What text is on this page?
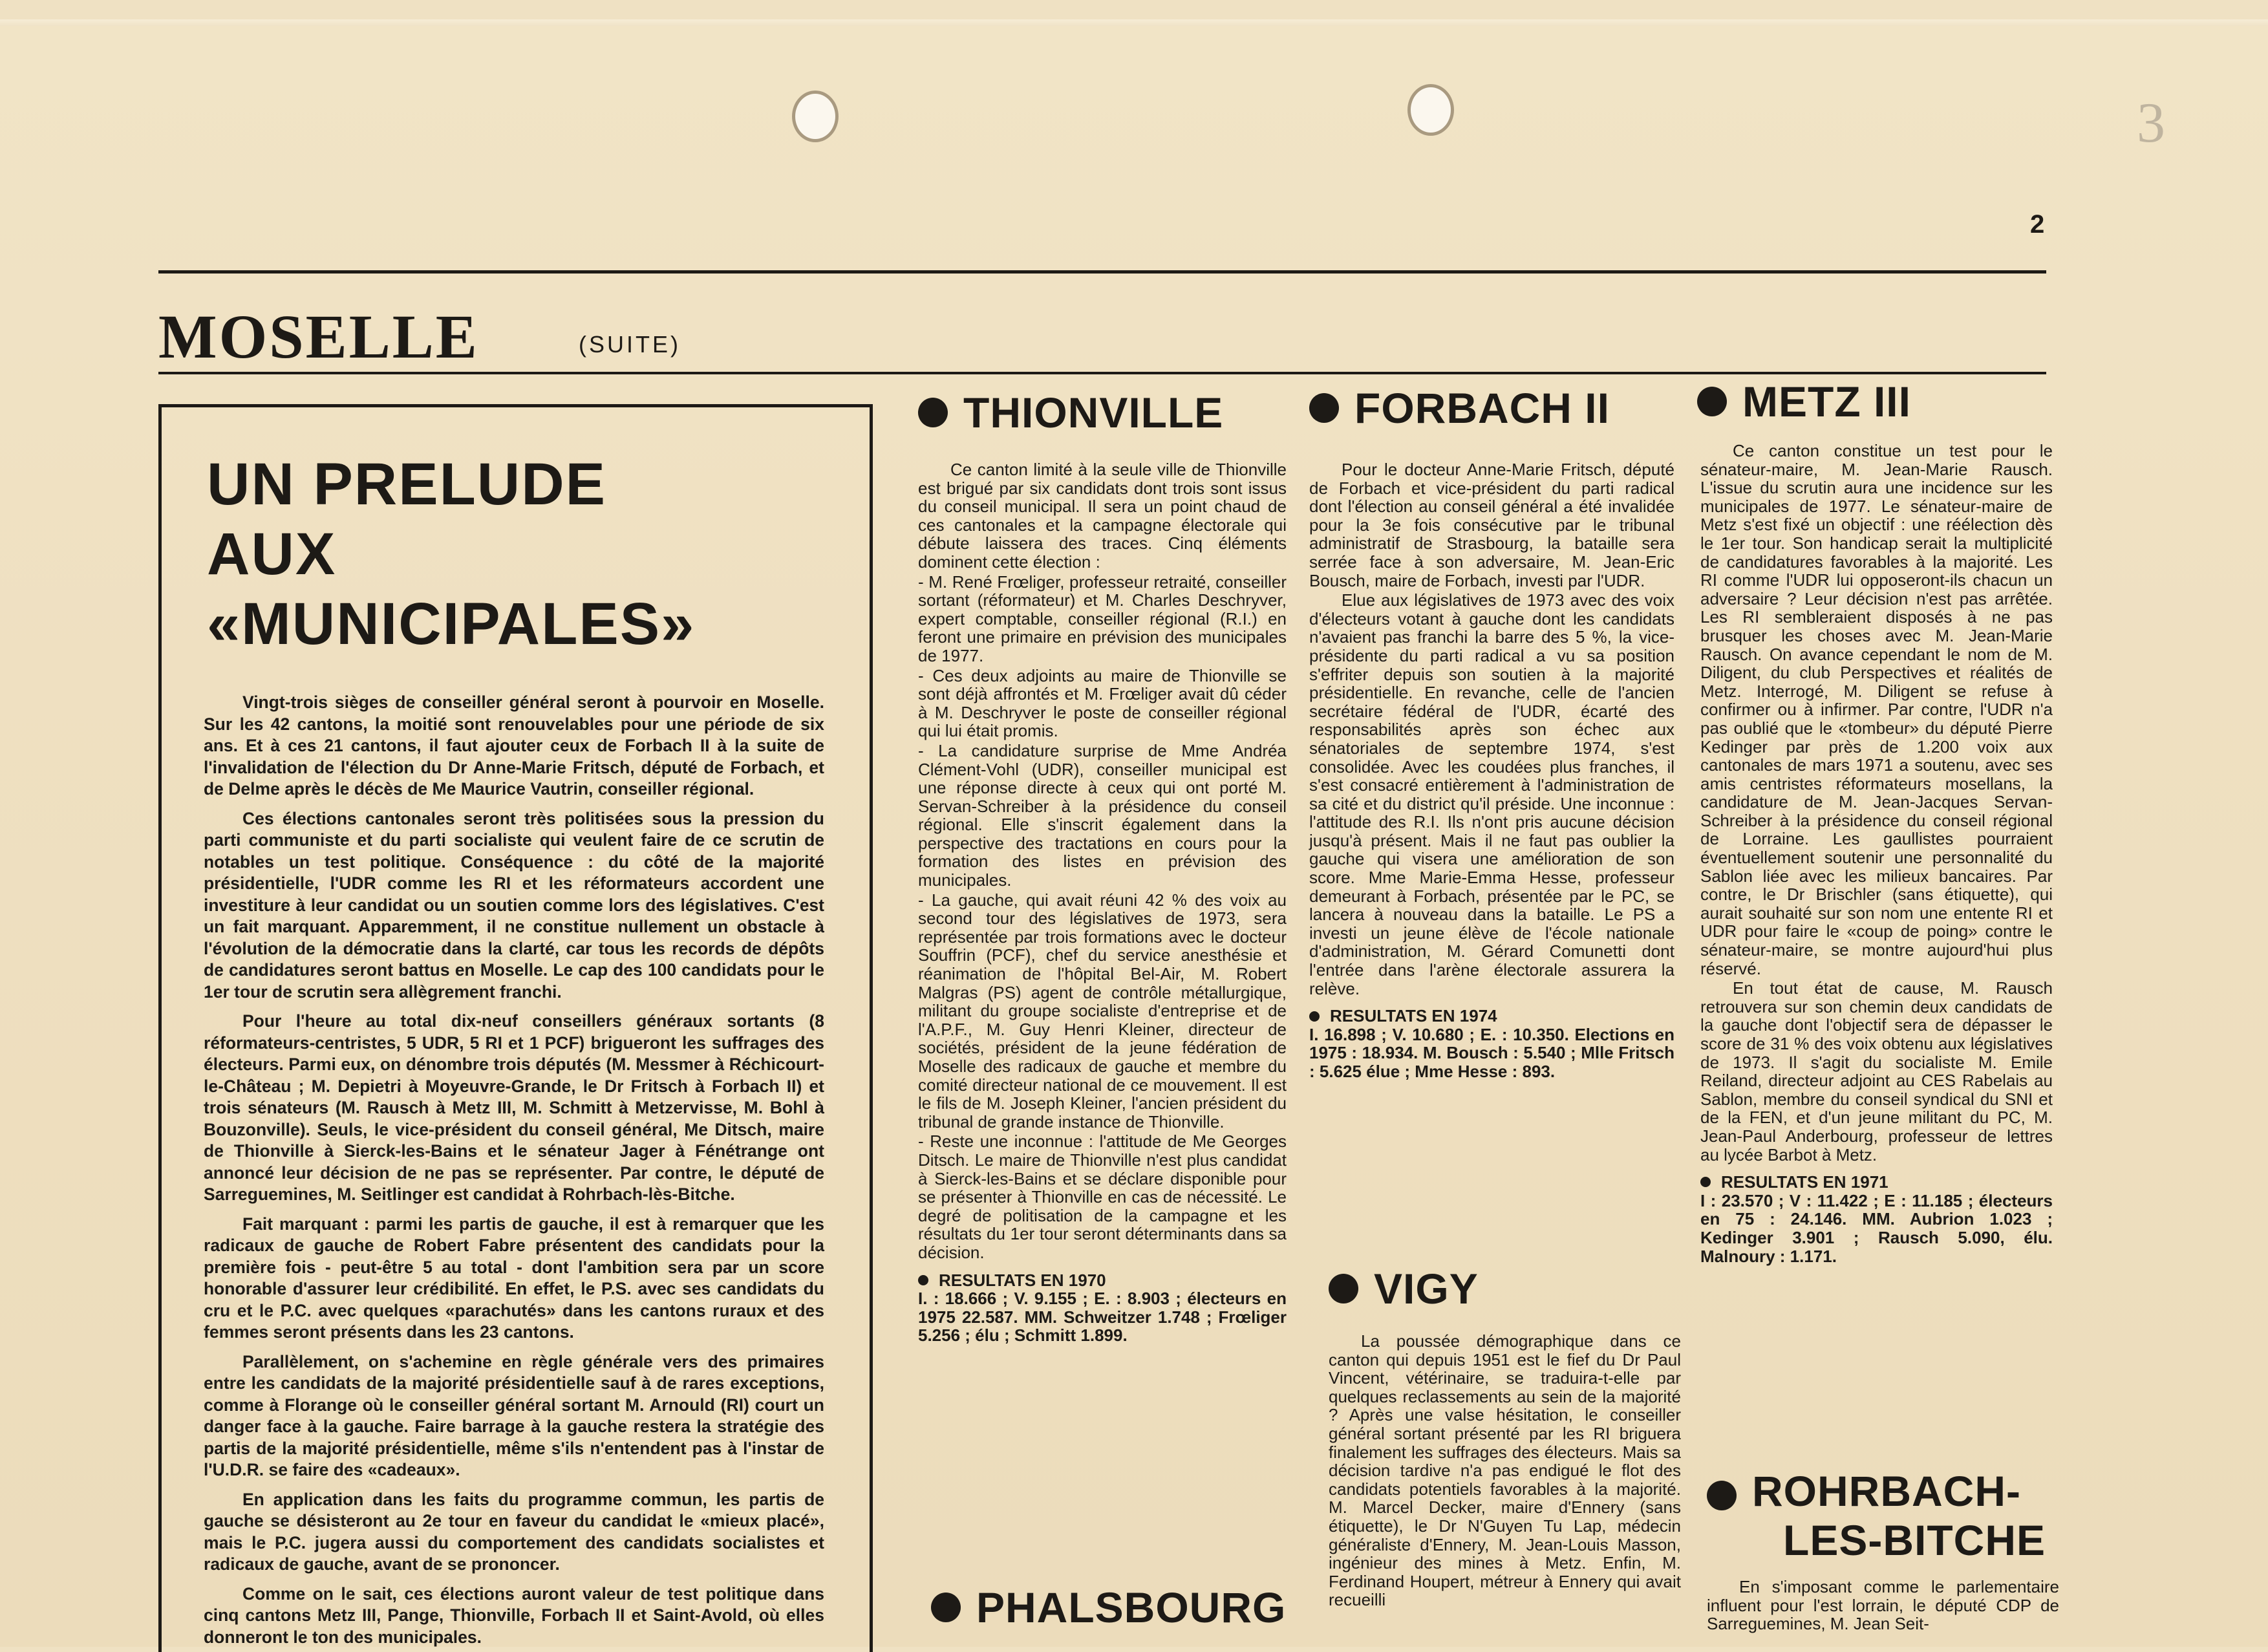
3
2
MOSELLE	(SUITE)
UN PRELUDE
AUX
«MUNICIPALES»

Vingt-trois sièges de conseiller général seront à pourvoir en Moselle. Sur les 42 cantons, la moitié sont renouvelables pour une période de six ans. Et à ces 21 cantons, il faut ajouter ceux de Forbach II à la suite de l'invalidation de l'élection du Dr Anne-Marie Fritsch, député de Forbach, et de Delme après le décès de Me Maurice Vautrin, conseiller régional.

Ces élections cantonales seront très politisées sous la pression du parti communiste et du parti socialiste qui veulent faire de ce scrutin de notables un test politique. Conséquence : du côté de la majorité présidentielle, l'UDR comme les RI et les réformateurs accordent une investiture à leur candidat ou un soutien comme lors des législatives. C'est un fait marquant. Apparemment, il ne constitue nullement un obstacle à l'évolution de la démocratie dans la clarté, car tous les records de dépôts de candidatures seront battus en Moselle. Le cap des 100 candidats pour le 1er tour de scrutin sera allègrement franchi.

Pour l'heure au total dix-neuf conseillers généraux sortants (8 réformateurs-centristes, 5 UDR, 5 RI et 1 PCF) brigueront les suffrages des électeurs. Parmi eux, on dénombre trois députés (M. Messmer à Réchicourt-le-Château ; M. Depietri à Moyeuvre-Grande, le Dr Fritsch à Forbach II) et trois sénateurs (M. Rausch à Metz III, M. Schmitt à Metzervisse, M. Bohl à Bouzonville). Seuls, le vice-président du conseil général, Me Ditsch, maire de Thionville à Sierck-les-Bains et le sénateur Jager à Fénétrange ont annoncé leur décision de ne pas se représenter. Par contre, le député de Sarreguemines, M. Seitlinger est candidat à Rohrbach-lès-Bitche.

Fait marquant : parmi les partis de gauche, il est à remarquer que les radicaux de gauche de Robert Fabre présentent des candidats pour la première fois - peut-être 5 au total - dont l'ambition sera par un score honorable d'assurer leur crédibilité. En effet, le P.S. avec ses candidats du cru et le P.C. avec quelques «parachutés» dans les cantons ruraux et des femmes seront présents dans les 23 cantons.

Parallèlement, on s'achemine en règle générale vers des primaires entre les candidats de la majorité présidentielle sauf à de rares exceptions, comme à Florange où le conseiller général sortant M. Arnould (RI) court un danger face à la gauche. Faire barrage à la gauche restera la stratégie des partis de la majorité présidentielle, même s'ils n'entendent pas à l'instar de l'U.D.R. se faire des «cadeaux».

En application dans les faits du programme commun, les partis de gauche se désisteront au 2e tour en faveur du candidat le «mieux placé», mais le P.C. jugera aussi du comportement des candidats socialistes et radicaux de gauche, avant de se prononcer.

Comme on le sait, ces élections auront valeur de test politique dans cinq cantons Metz III, Pange, Thionville, Forbach II et Saint-Avold, où elles donneront le ton des municipales.

THIONVILLE

Ce canton limité à la seule ville de Thionville est brigué par six candidats dont trois sont issus du conseil municipal. Il sera un point chaud de ces cantonales et la campagne électorale qui débute laissera des traces. Cinq éléments dominent cette élection :

- M. René Frœliger, professeur retraité, conseiller sortant (réformateur) et M. Charles Deschryver, expert comptable, conseiller régional (R.I.) en feront une primaire en prévision des municipales de 1977.

- Ces deux adjoints au maire de Thionville se sont déjà affrontés et M. Frœliger avait dû céder à M. Deschryver le poste de conseiller régional qui lui était promis.

- La candidature surprise de Mme Andréa Clément-Vohl (UDR), conseiller municipal est une réponse directe à ceux qui ont porté M. Servan-Schreiber à la présidence du conseil régional. Elle s'inscrit également dans la perspective des tractations en cours pour la formation des listes en prévision des municipales.

- La gauche, qui avait réuni 42 % des voix au second tour des législatives de 1973, sera représentée par trois formations avec le docteur Souffrin (PCF), chef du service anesthésie et réanimation de l'hôpital Bel-Air, M. Robert Malgras (PS) agent de contrôle métallurgique, militant du groupe socialiste d'entreprise et de l'A.P.F., M. Guy Henri Kleiner, directeur de sociétés, président de la jeune fédération de Moselle des radicaux de gauche et membre du comité directeur national de ce mouvement. Il est le fils de M. Joseph Kleiner, l'ancien président du tribunal de grande instance de Thionville.

- Reste une inconnue : l'attitude de Me Georges Ditsch. Le maire de Thionville n'est plus candidat à Sierck-les-Bains et se déclare disponible pour se présenter à Thionville en cas de nécessité. Le degré de politisation de la campagne et les résultats du 1er tour seront déterminants dans sa décision.

RESULTATS EN 1970
I. : 18.666 ; V. 9.155 ; E. : 8.903 ; électeurs en 1975 22.587. MM. Schweitzer 1.748 ; Frœliger 5.256 ; élu ; Schmitt 1.899.
PHALSBOURG
FORBACH II

Pour le docteur Anne-Marie Fritsch, député de Forbach et vice-président du parti radical dont l'élection au conseil général a été invalidée pour la 3e fois consécutive par le tribunal administratif de Strasbourg, la bataille sera serrée face à son adversaire, M. Jean-Eric Bousch, maire de Forbach, investi par l'UDR.

Elue aux législatives de 1973 avec des voix d'électeurs votant à gauche dont les candidats n'avaient pas franchi la barre des 5 %, la vice-présidente du parti radical a vu sa position s'effriter depuis son soutien à la majorité présidentielle. En revanche, celle de l'ancien secrétaire fédéral de l'UDR, écarté des responsabilités après son échec aux sénatoriales de septembre 1974, s'est consolidée. Avec les coudées plus franches, il s'est consacré entièrement à l'administration de sa cité et du district qu'il préside. Une inconnue : l'attitude des R.I. Ils n'ont pris aucune décision jusqu'à présent. Mais il ne faut pas oublier la gauche qui visera une amélioration de son score. Mme Marie-Emma Hesse, professeur demeurant à Forbach, présentée par le PC, se lancera à nouveau dans la bataille. Le PS a investi un jeune élève de l'école nationale d'administration, M. Gérard Comunetti dont l'entrée dans l'arène électorale assurera la relève.

RESULTATS EN 1974
I. 16.898 ; V. 10.680 ; E. : 10.350. Elections en 1975 : 18.934. M. Bousch : 5.540 ; Mlle Fritsch : 5.625 élue ; Mme Hesse : 893.
VIGY

La poussée démographique dans ce canton qui depuis 1951 est le fief du Dr Paul Vincent, vétérinaire, se traduira-t-elle par quelques reclassements au sein de la majorité ? Après une valse hésitation, le conseiller général sortant présenté par les RI briguera finalement les suffrages des électeurs. Mais sa décision tardive n'a pas endigué le flot des candidats potentiels favorables à la majorité. M. Marcel Decker, maire d'Ennery (sans étiquette), le Dr N'Guyen Tu Lap, médecin généraliste d'Ennery, M. Jean-Louis Masson, ingénieur des mines à Metz. Enfin, M. Ferdinand Houpert, métreur à Ennery qui avait recueilli

METZ III

Ce canton constitue un test pour le sénateur-maire, M. Jean-Marie Rausch. L'issue du scrutin aura une incidence sur les municipales de 1977. Le sénateur-maire de Metz s'est fixé un objectif : une réélection dès le 1er tour. Son handicap serait la multiplicité de candidatures favorables à la majorité. Les RI comme l'UDR lui opposeront-ils chacun un adversaire ? Leur décision n'est pas arrêtée. Les RI sembleraient disposés à ne pas brusquer les choses avec M. Jean-Marie Rausch. On avance cependant le nom de M. Diligent, du club Perspectives et réalités de Metz. Interrogé, M. Diligent se refuse à confirmer ou à infirmer. Par contre, l'UDR n'a pas oublié que le «tombeur» du député Pierre Kedinger par près de 1.200 voix aux cantonales de mars 1971 a soutenu, avec ses amis centristes réformateurs mosellans, la candidature de M. Jean-Jacques Servan-Schreiber à la présidence du conseil régional de Lorraine. Les gaullistes pourraient éventuellement soutenir une personnalité du Sablon liée avec les milieux bancaires. Par contre, le Dr Brischler (sans étiquette), qui aurait souhaité sur son nom une entente RI et UDR pour faire le «coup de poing» contre le sénateur-maire, se montre aujourd'hui plus réservé.

En tout état de cause, M. Rausch retrouvera sur son chemin deux candidats de la gauche dont l'objectif sera de dépasser le score de 31 % des voix obtenu aux législatives de 1973. Il s'agit du socialiste M. Emile Reiland, directeur adjoint au CES Rabelais au Sablon, membre du conseil syndical du SNI et de la FEN, et d'un jeune militant du PC, M. Jean-Paul Anderbourg, professeur de lettres au lycée Barbot à Metz.

RESULTATS EN 1971
I : 23.570 ; V : 11.422 ; E : 11.185 ; électeurs en 75 : 24.146. MM. Aubrion 1.023 ; Kedinger 3.901 ; Rausch 5.090, élu. Malnoury : 1.171.
ROHRBACH-
LES-BITCHE

En s'imposant comme le parlementaire influent pour l'est lorrain, le député CDP de Sarreguemines, M. Jean Seit-
